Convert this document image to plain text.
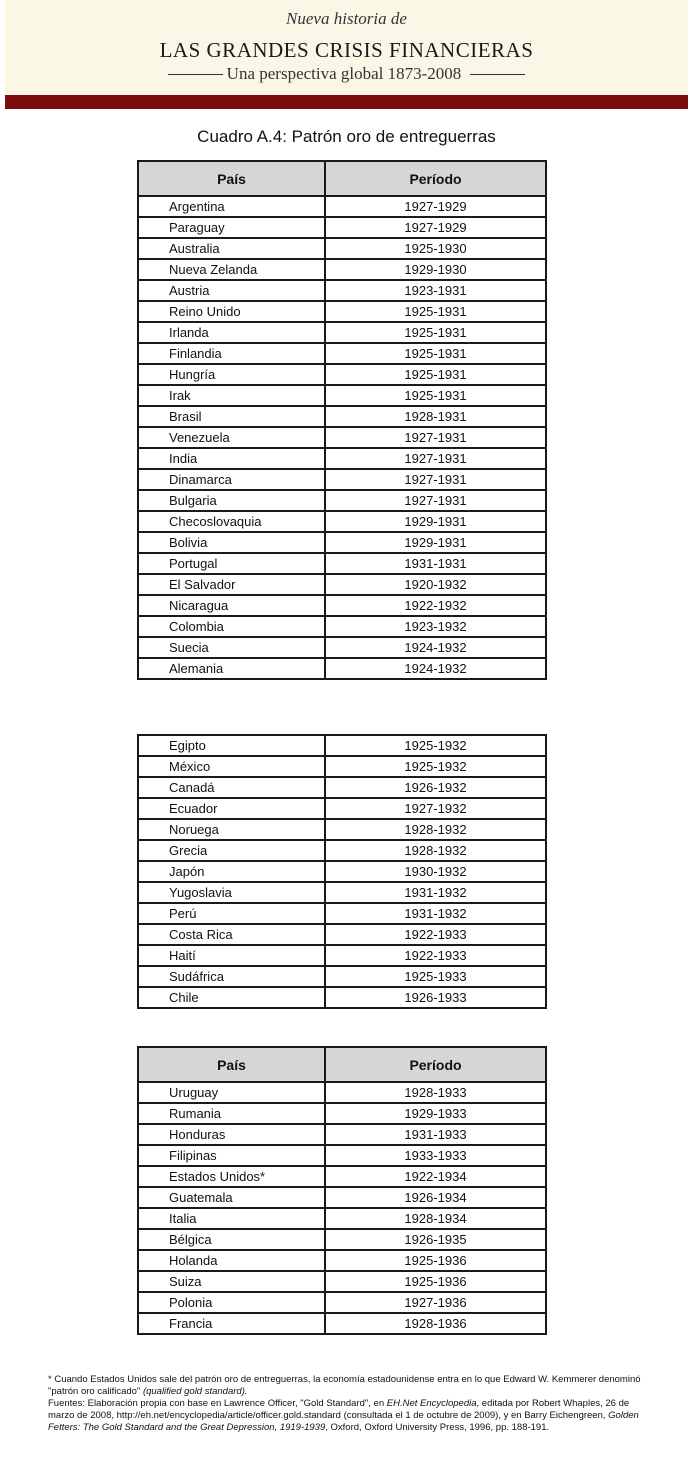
Nueva historia de
LAS GRANDES CRISIS FINANCIERAS
Una perspectiva global 1873-2008
Cuadro A.4: Patrón oro de entreguerras
País	Período
Argentina	1927-1929
Paraguay	1927-1929
Australia	1925-1930
Nueva Zelanda	1929-1930
Austria	1923-1931
Reino Unido	1925-1931
Irlanda	1925-1931
Finlandia	1925-1931
Hungría	1925-1931
Irak	1925-1931
Brasil	1928-1931
Venezuela	1927-1931
India	1927-1931
Dinamarca	1927-1931
Bulgaria	1927-1931
Checoslovaquia	1929-1931
Bolivia	1929-1931
Portugal	1931-1931
El Salvador	1920-1932
Nicaragua	1922-1932
Colombia	1923-1932
Suecia	1924-1932
Alemania	1924-1932
Egipto	1925-1932
México	1925-1932
Canadá	1926-1932
Ecuador	1927-1932
Noruega	1928-1932
Grecia	1928-1932
Japón	1930-1932
Yugoslavia	1931-1932
Perú	1931-1932
Costa Rica	1922-1933
Haití	1922-1933
Sudáfrica	1925-1933
Chile	1926-1933
País	Período
Uruguay	1928-1933
Rumania	1929-1933
Honduras	1931-1933
Filipinas	1933-1933
Estados Unidos*	1922-1934
Guatemala	1926-1934
Italia	1928-1934
Bélgica	1926-1935
Holanda	1925-1936
Suiza	1925-1936
Polonia	1927-1936
Francia	1928-1936

* Cuando Estados Unidos sale del patrón oro de entreguerras, la economía estadounidense entra en lo que Edward W. Kemmerer denominó "patrón oro calificado" (qualified gold standard).

Fuentes: Elaboración propia con base en Lawrence Officer, "Gold Standard", en EH.Net Encyclopedia, editada por Robert Whaples, 26 de marzo de 2008, http://eh.net/encyclopedia/article/officer.gold.standard (consultada el 1 de octubre de 2009), y en Barry Eichengreen, Golden Fetters: The Gold Standard and the Great Depression, 1919-1939, Oxford, Oxford University Press, 1996, pp. 188-191.
